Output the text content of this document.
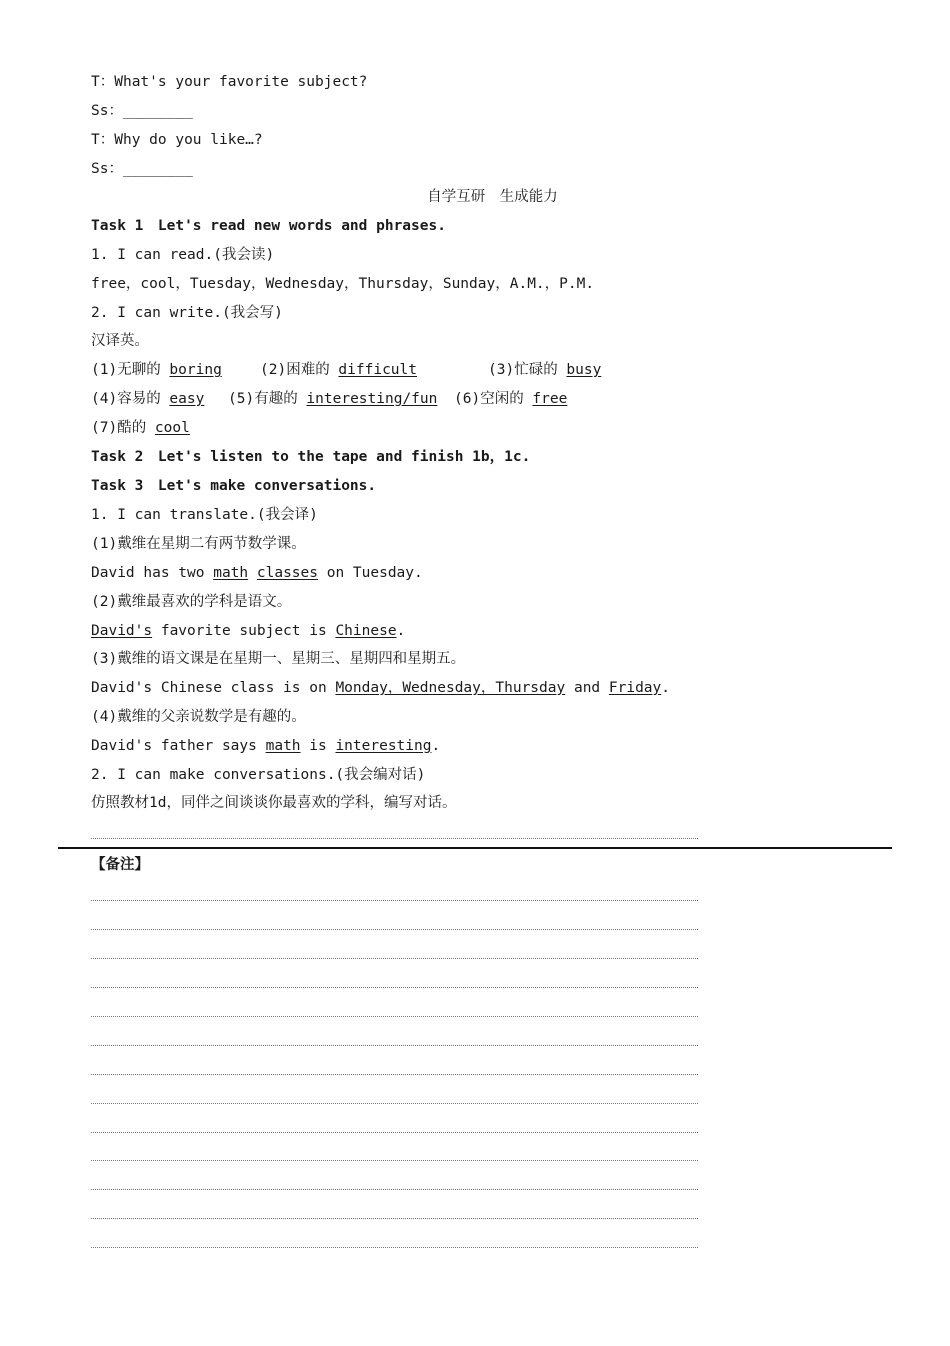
T：What's your favorite subject?
Ss：________
T：Why do you like…?
Ss：________
自学互研　生成能力
Task 1　Let's read new words and phrases.
1. I can read.(我会读)
free，cool，Tuesday，Wednesday，Thursday，Sunday，A.M.，P.M.
2. I can write.(我会写)
汉译英。
(1)无聊的 boring	(2)困难的 difficult	(3)忙碌的 busy
(4)容易的 easy (5)有趣的 interesting/fun (6)空闲的 free
(7)酷的 cool
Task 2　Let's listen to the tape and finish 1b，1c.
Task 3　Let's make conversations.
1. I can translate.(我会译)
(1)戴维在星期二有两节数学课。
David has two math classes on Tuesday.
(2)戴维最喜欢的学科是语文。
David's favorite subject is Chinese.
(3)戴维的语文课是在星期一、星期三、星期四和星期五。
David's Chinese class is on Monday，Wednesday，Thursday and Friday.
(4)戴维的父亲说数学是有趣的。
David's father says math is interesting.
2. I can make conversations.(我会编对话)
仿照教材1d，同伴之间谈谈你最喜欢的学科，编写对话。
【备注】
